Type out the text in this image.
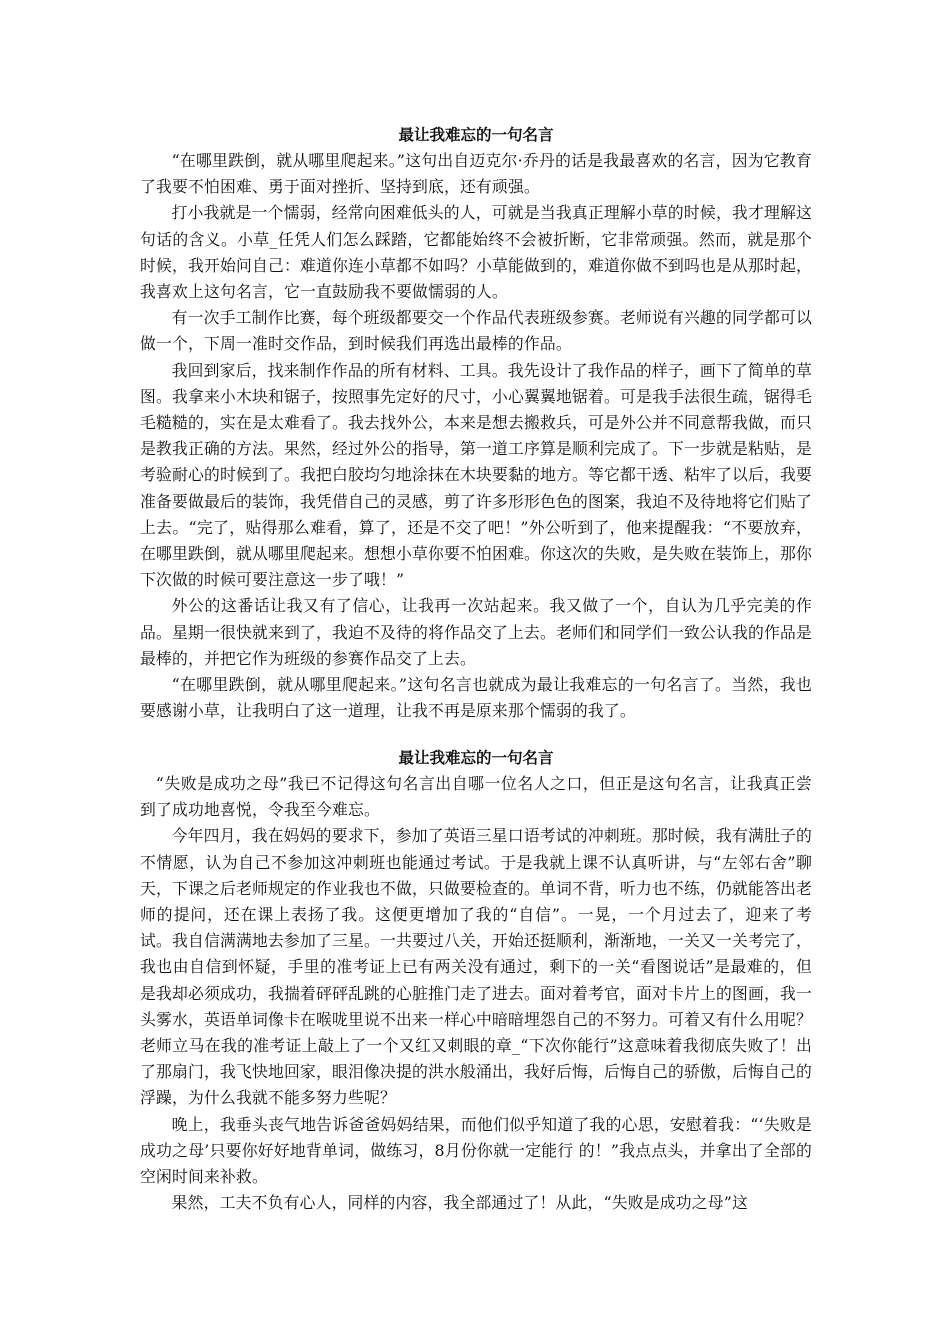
最让我难忘的一句名言

“在哪里跌倒，就从哪里爬起来。”这句出自迈克尔·乔丹的话是我最喜欢的名言，因为它教育了我要不怕困难、勇于面对挫折、坚持到底，还有顽强。

打小我就是一个懦弱，经常向困难低头的人，可就是当我真正理解小草的时候，我才理解这句话的含义。小草_任凭人们怎么踩踏，它都能始终不会被折断，它非常顽强。然而，就是那个时候，我开始问自己：难道你连小草都不如吗？小草能做到的，难道你做不到吗也是从那时起，我喜欢上这句名言，它一直鼓励我不要做懦弱的人。

有一次手工制作比赛，每个班级都要交一个作品代表班级参赛。老师说有兴趣的同学都可以做一个，下周一准时交作品，到时候我们再选出最棒的作品。

我回到家后，找来制作作品的所有材料、工具。我先设计了我作品的样子，画下了简单的草图。我拿来小木块和锯子，按照事先定好的尺寸，小心翼翼地锯着。可是我手法很生疏，锯得毛毛糙糙的，实在是太难看了。我去找外公，本来是想去搬救兵，可是外公并不同意帮我做，而只是教我正确的方法。果然，经过外公的指导，第一道工序算是顺利完成了。下一步就是粘贴，是考验耐心的时候到了。我把白胶均匀地涂抹在木块要黏的地方。等它都干透、粘牢了以后，我要准备要做最后的装饰，我凭借自己的灵感，剪了许多形形色色的图案，我迫不及待地将它们贴了上去。“完了，贴得那么难看，算了，还是不交了吧！”外公听到了，他来提醒我：“不要放弃，在哪里跌倒，就从哪里爬起来。想想小草你要不怕困难。你这次的失败，是失败在装饰上，那你下次做的时候可要注意这一步了哦！”

外公的这番话让我又有了信心，让我再一次站起来。我又做了一个，自认为几乎完美的作品。星期一很快就来到了，我迫不及待的将作品交了上去。老师们和同学们一致公认我的作品是最棒的，并把它作为班级的参赛作品交了上去。

“在哪里跌倒，就从哪里爬起来。”这句名言也就成为最让我难忘的一句名言了。当然，我也要感谢小草，让我明白了这一道理，让我不再是原来那个懦弱的我了。

最让我难忘的一句名言

“失败是成功之母”我已不记得这句名言出自哪一位名人之口，但正是这句名言，让我真正尝到了成功地喜悦，令我至今难忘。

今年四月，我在妈妈的要求下，参加了英语三星口语考试的冲刺班。那时候，我有满肚子的不情愿，认为自己不参加这冲刺班也能通过考试。于是我就上课不认真听讲，与“左邻右舍”聊天，下课之后老师规定的作业我也不做，只做要检查的。单词不背，听力也不练，仍就能答出老师的提问，还在课上表扬了我。这便更增加了我的“自信”。一晃，一个月过去了，迎来了考试。我自信满满地去参加了三星。一共要过八关，开始还挺顺利，渐渐地，一关又一关考完了，我也由自信到怀疑，手里的准考证上已有两关没有通过，剩下的一关“看图说话”是最难的，但是我却必须成功，我揣着砰砰乱跳的心脏推门走了进去。面对着考官，面对卡片上的图画，我一头雾水，英语单词像卡在喉咙里说不出来一样心中暗暗埋怨自己的不努力。可着又有什么用呢？老师立马在我的准考证上敲上了一个又红又刺眼的章_“下次你能行”这意味着我彻底失败了！出了那扇门，我飞快地回家，眼泪像决提的洪水般涌出，我好后悔，后悔自己的骄傲，后悔自己的浮躁，为什么我就不能多努力些呢？

晚上，我垂头丧气地告诉爸爸妈妈结果，而他们似乎知道了我的心思，安慰着我：“‘失败是成功之母’只要你好好地背单词，做练习，8月份你就一定能行 的！”我点点头，并拿出了全部的空闲时间来补救。

果然，工夫不负有心人，同样的内容，我全部通过了！从此，“失败是成功之母”这
